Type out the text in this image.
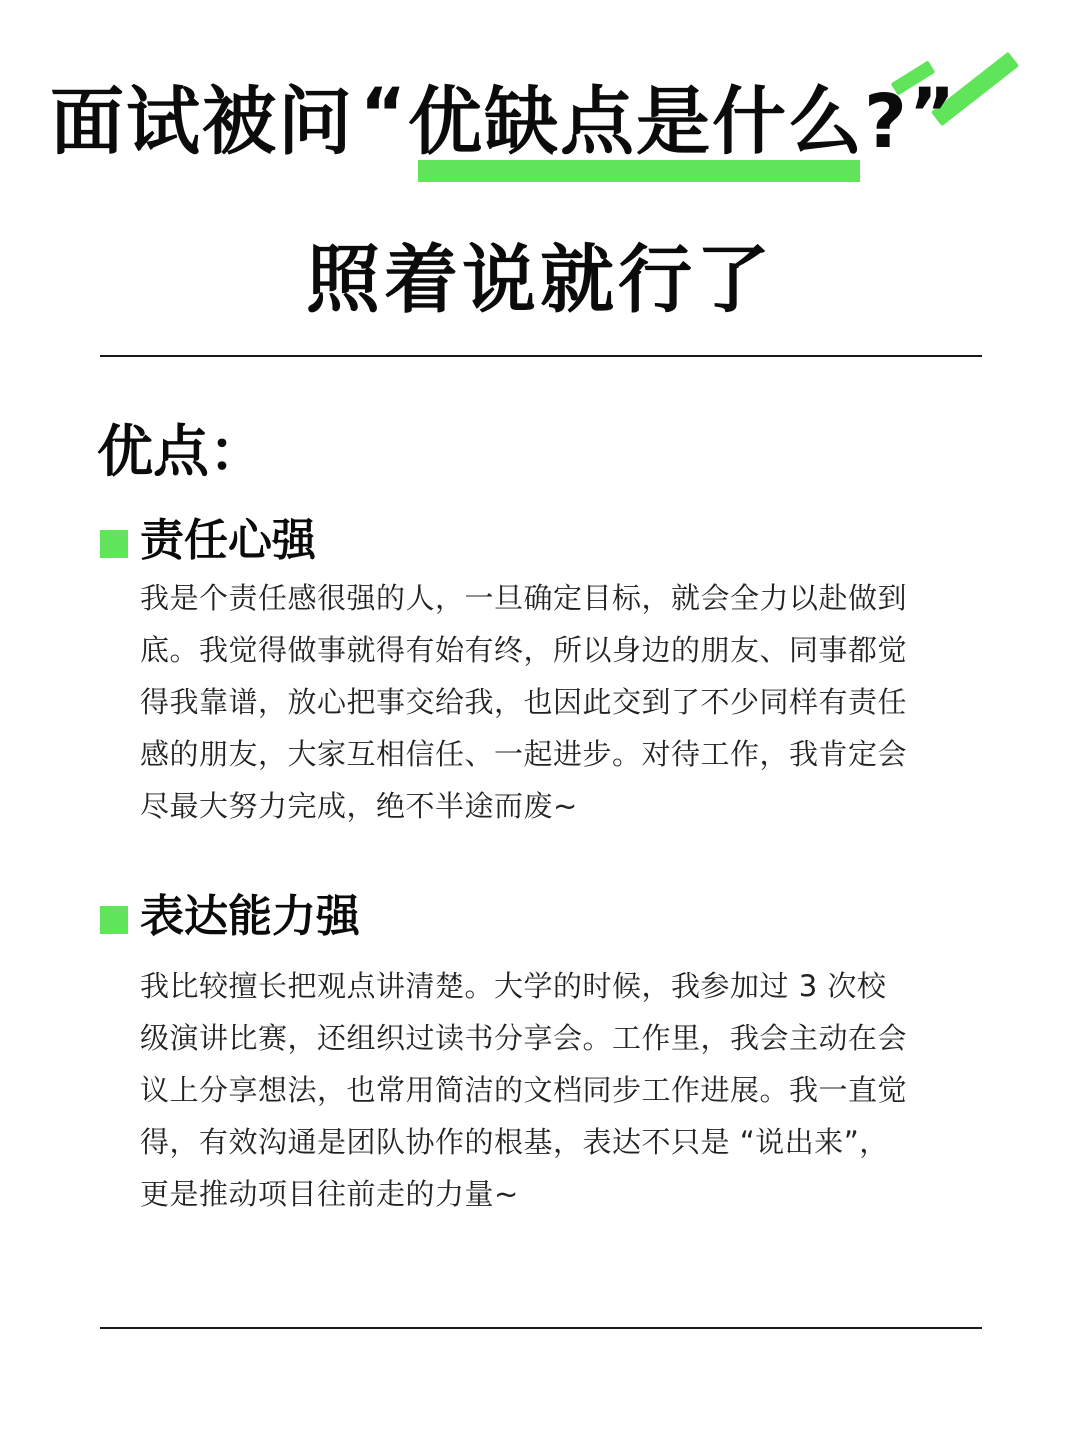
面试被问“优缺点是什么?”
照着说就行了
优点：
责任心强
我是个责任感很强的人，一旦确定目标，就会全力以赴做到底。我觉得做事就得有始有终，所以身边的朋友、同事都觉得我靠谱，放心把事交给我，也因此交到了不少同样有责任感的朋友，大家互相信任、一起进步。对待工作，我肯定会尽最大努力完成，绝不半途而废~
表达能力强
我比较擅长把观点讲清楚。大学的时候，我参加过 3 次校级演讲比赛，还组织过读书分享会。工作里，我会主动在会议上分享想法，也常用简洁的文档同步工作进展。我一直觉得，有效沟通是团队协作的根基，表达不只是 “说出来”，更是推动项目往前走的力量~
